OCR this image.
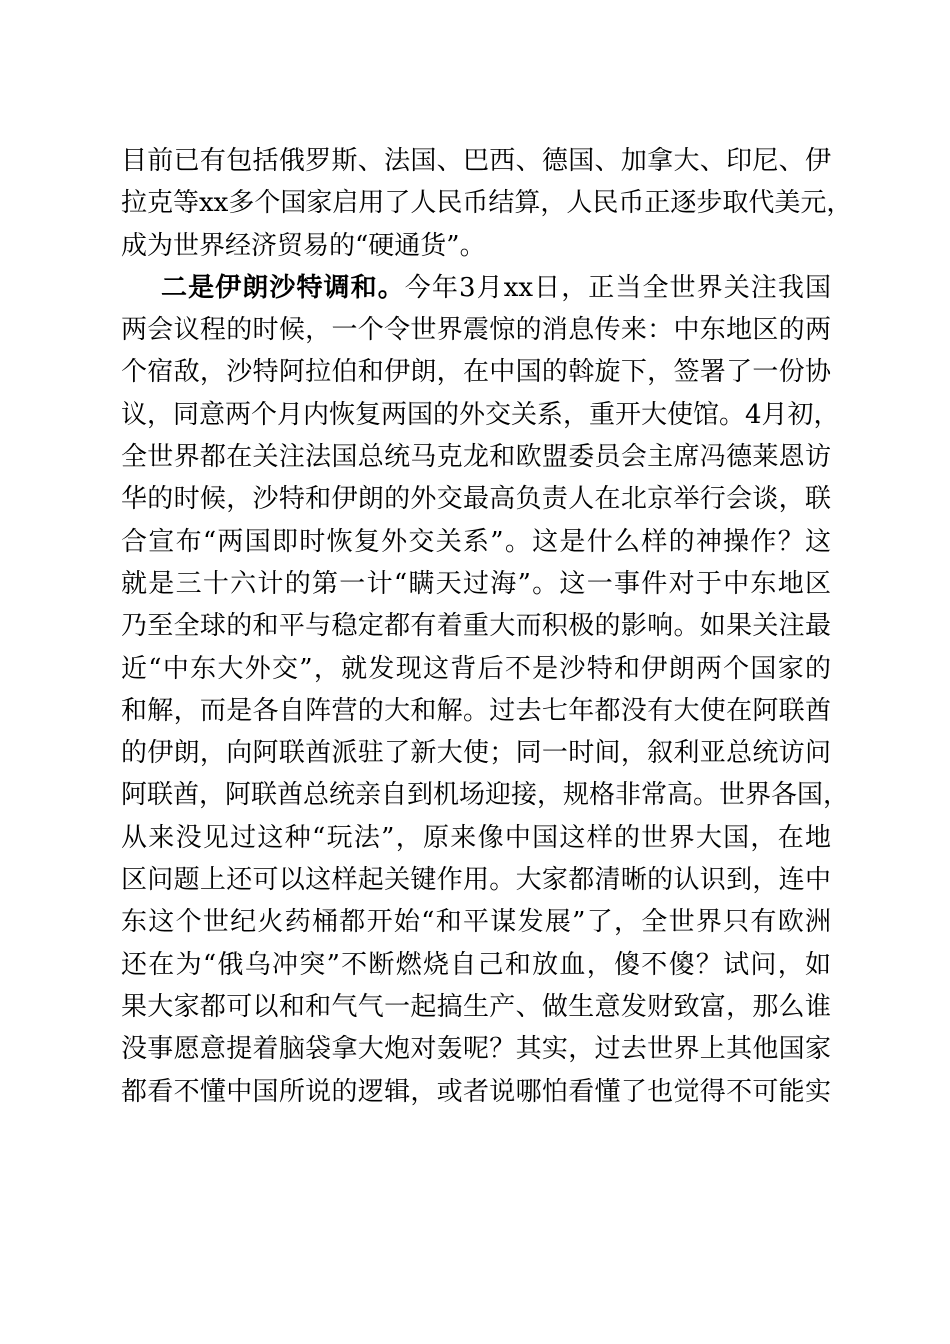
目前已有包括俄罗斯、法国、巴西、德国、加拿大、印尼、伊
拉克等xx多个国家启用了人民币结算，人民币正逐步取代美元，
成为世界经济贸易的“硬通货”。
二是伊朗沙特调和。今年3月xx日，正当全世界关注我国
两会议程的时候，一个令世界震惊的消息传来：中东地区的两
个宿敌，沙特阿拉伯和伊朗，在中国的斡旋下，签署了一份协
议，同意两个月内恢复两国的外交关系，重开大使馆。4月初，
全世界都在关注法国总统马克龙和欧盟委员会主席冯德莱恩访
华的时候，沙特和伊朗的外交最高负责人在北京举行会谈，联
合宣布“两国即时恢复外交关系”。这是什么样的神操作？这
就是三十六计的第一计“瞒天过海”。这一事件对于中东地区
乃至全球的和平与稳定都有着重大而积极的影响。如果关注最
近“中东大外交”，就发现这背后不是沙特和伊朗两个国家的
和解，而是各自阵营的大和解。过去七年都没有大使在阿联酋
的伊朗，向阿联酋派驻了新大使；同一时间，叙利亚总统访问
阿联酋，阿联酋总统亲自到机场迎接，规格非常高。世界各国，
从来没见过这种“玩法”，原来像中国这样的世界大国，在地
区问题上还可以这样起关键作用。大家都清晰的认识到，连中
东这个世纪火药桶都开始“和平谋发展”了，全世界只有欧洲
还在为“俄乌冲突”不断燃烧自己和放血，傻不傻？试问，如
果大家都可以和和气气一起搞生产、做生意发财致富，那么谁
没事愿意提着脑袋拿大炮对轰呢？其实，过去世界上其他国家
都看不懂中国所说的逻辑，或者说哪怕看懂了也觉得不可能实
